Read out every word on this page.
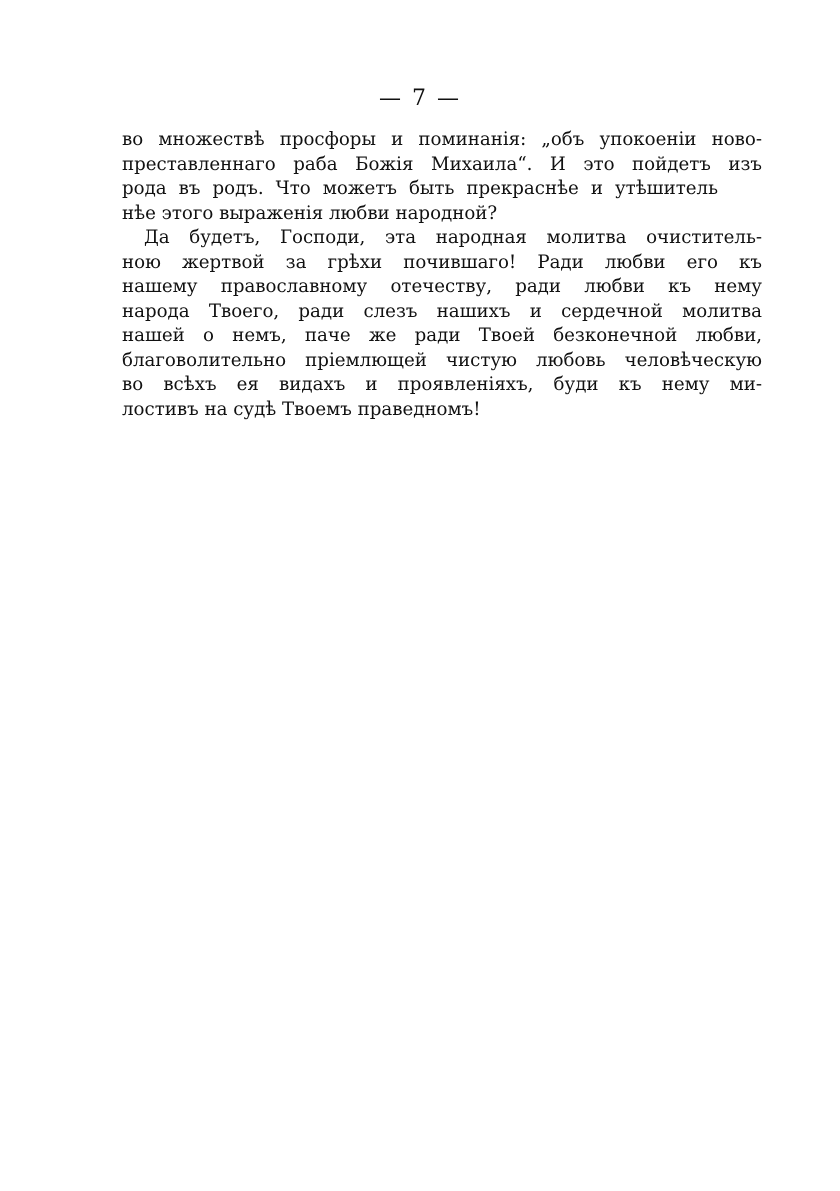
— 7 —
во множествѣ просфоры и поминанія: „объ упокоеніи ново-
преставленнаго раба Божія Михаила“. И это пойдетъ изъ
рода въ родъ. Что можетъ быть прекраснѣе и утѣшитель
нѣе этого выраженія любви народной?
Да будетъ, Господи, эта народная молитва очиститель-
ною жертвой за грѣхи почившаго! Ради любви его къ
нашему православному отечеству, ради любви къ нему
народа Твоего, ради слезъ нашихъ и сердечной молитва
нашей о немъ, паче же ради Твоей безконечной любви,
благоволительно пріемлющей чистую любовь человѣческую
во всѣхъ ея видахъ и проявленіяхъ, буди къ нему ми-
лостивъ на судѣ Твоемъ праведномъ!
